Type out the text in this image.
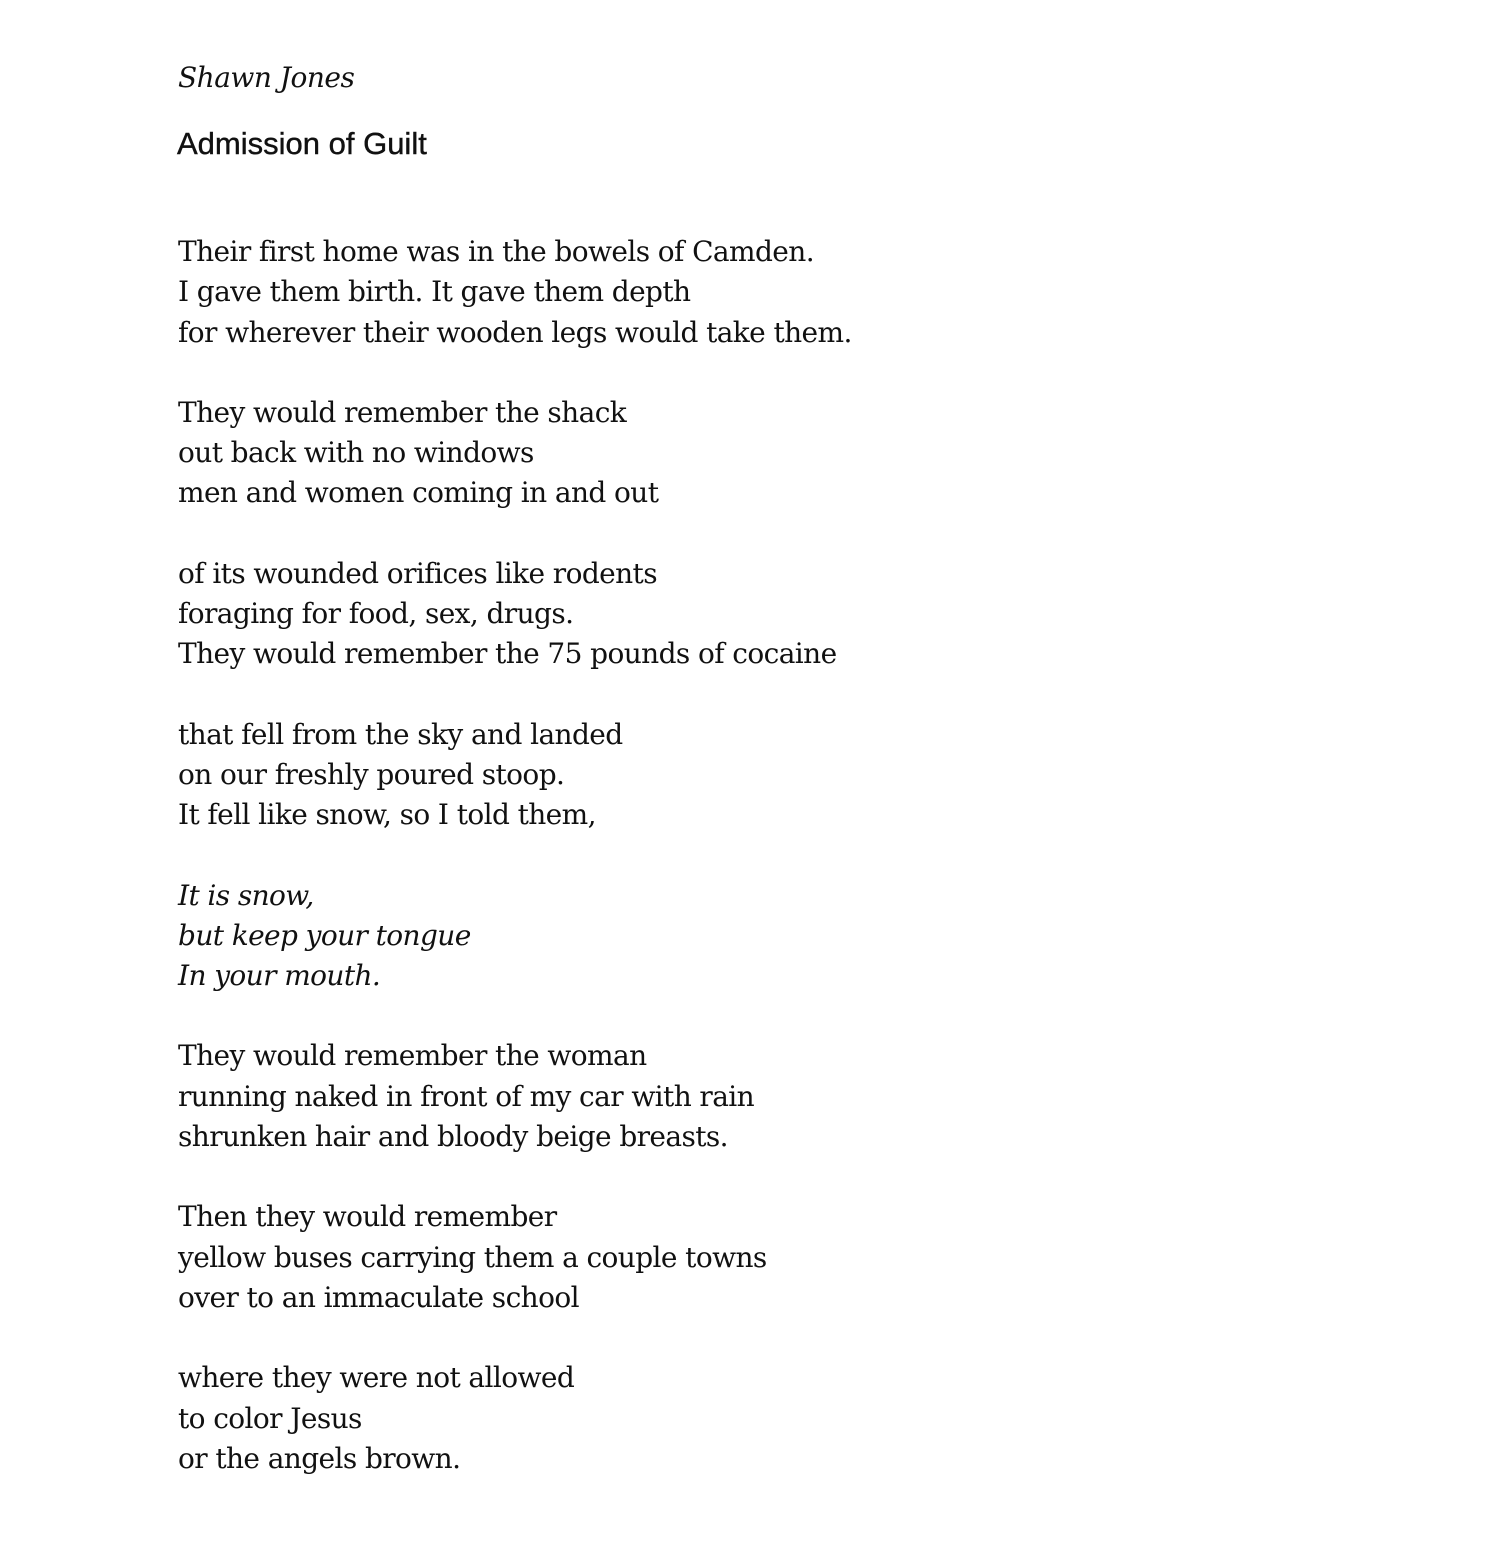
Shawn Jones
Admission of Guilt
Their first home was in the bowels of Camden.
I gave them birth. It gave them depth
for wherever their wooden legs would take them.
They would remember the shack
out back with no windows
men and women coming in and out
of its wounded orifices like rodents
foraging for food, sex, drugs.
They would remember the 75 pounds of cocaine
that fell from the sky and landed
on our freshly poured stoop.
It fell like snow, so I told them,
It is snow,
but keep your tongue
In your mouth.
They would remember the woman
running naked in front of my car with rain
shrunken hair and bloody beige breasts.
Then they would remember
yellow buses carrying them a couple towns
over to an immaculate school
where they were not allowed
to color Jesus
or the angels brown.
